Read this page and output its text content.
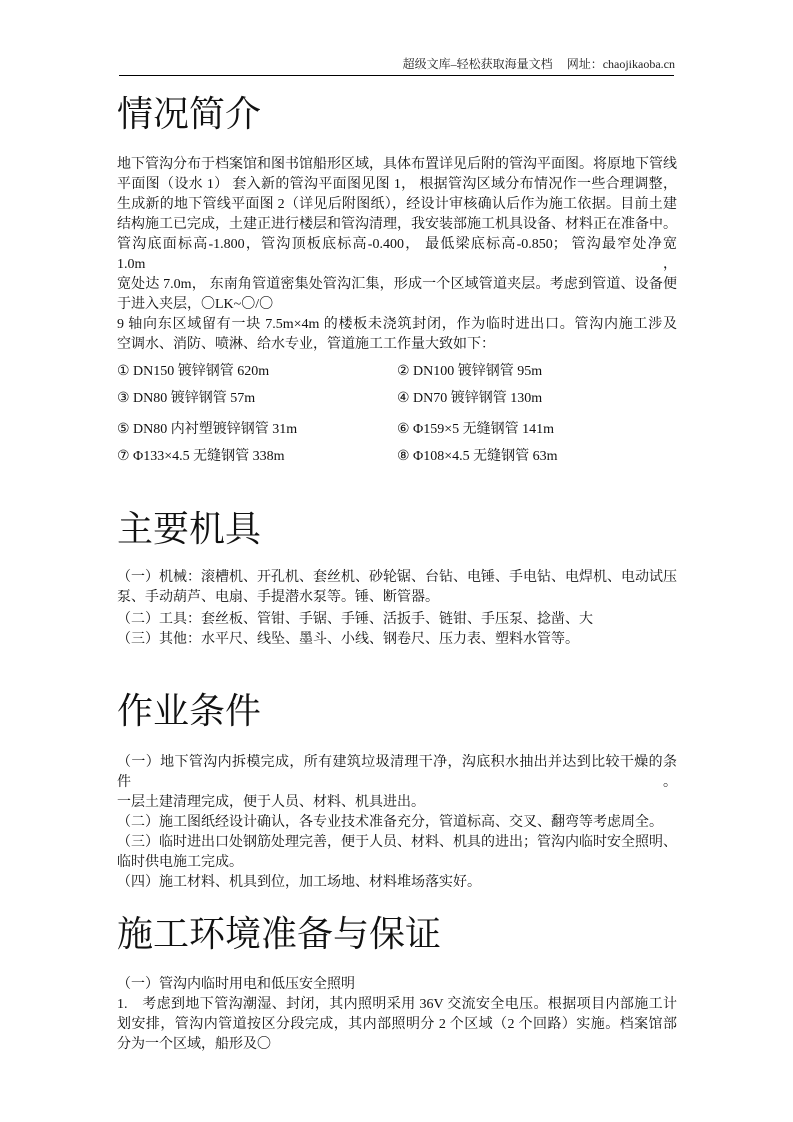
超级文库–轻松获取海量文档 网址：chaojikaoba.cn
情况简介
地下管沟分布于档案馆和图书馆船形区域，具体布置详见后附的管沟平面图。将原地下管线
平面图（设水 1） 套入新的管沟平面图见图 1， 根据管沟区域分布情况作一些合理调整，
生成新的地下管线平面图 2（详见后附图纸），经设计审核确认后作为施工依据。目前土建
结构施工已完成，土建正进行楼层和管沟清理，我安装部施工机具设备、材料正在准备中。
管沟底面标高-1.800，管沟顶板底标高-0.400， 最低梁底标高-0.850； 管沟最窄处净宽 1.0m，
宽处达 7.0m， 东南角管道密集处管沟汇集，形成一个区域管道夹层。考虑到管道、设备便
于进入夹层，〇LK~〇/〇
9 轴向东区域留有一块 7.5m×4m 的楼板未浇筑封闭，作为临时进出口。管沟内施工涉及
空调水、消防、喷淋、给水专业，管道施工工作量大致如下：
① DN150 镀锌钢管 620m	② DN100 镀锌钢管 95m
③ DN80 镀锌钢管 57m	④ DN70 镀锌钢管 130m
⑤ DN80 内衬塑镀锌钢管 31m	⑥ Φ159×5 无缝钢管 141m
⑦ Φ133×4.5 无缝钢管 338m	⑧ Φ108×4.5 无缝钢管 63m
主要机具
（一）机械：滚槽机、开孔机、套丝机、砂轮锯、台钻、电锤、手电钻、电焊机、电动试压
泵、手动葫芦、电扇、手提潜水泵等。锤、断管器。
（二）工具：套丝板、管钳、手锯、手锤、活扳手、链钳、手压泵、捻凿、大
（三）其他：水平尺、线坠、墨斗、小线、钢卷尺、压力表、塑料水管等。
作业条件
（一）地下管沟内拆模完成，所有建筑垃圾清理干净，沟底积水抽出并达到比较干燥的条件。
一层土建清理完成，便于人员、材料、机具进出。
（二）施工图纸经设计确认，各专业技术准备充分，管道标高、交叉、翻弯等考虑周全。
（三）临时进出口处钢筋处理完善，便于人员、材料、机具的进出；管沟内临时安全照明、
临时供电施工完成。
（四）施工材料、机具到位，加工场地、材料堆场落实好。
施工环境准备与保证
（一）管沟内临时用电和低压安全照明
1.　考虑到地下管沟潮湿、封闭，其内照明采用 36V 交流安全电压。根据项目内部施工计
划安排，管沟内管道按区分段完成，其内部照明分 2 个区域（2 个回路）实施。档案馆部
分为一个区域，船形及〇
